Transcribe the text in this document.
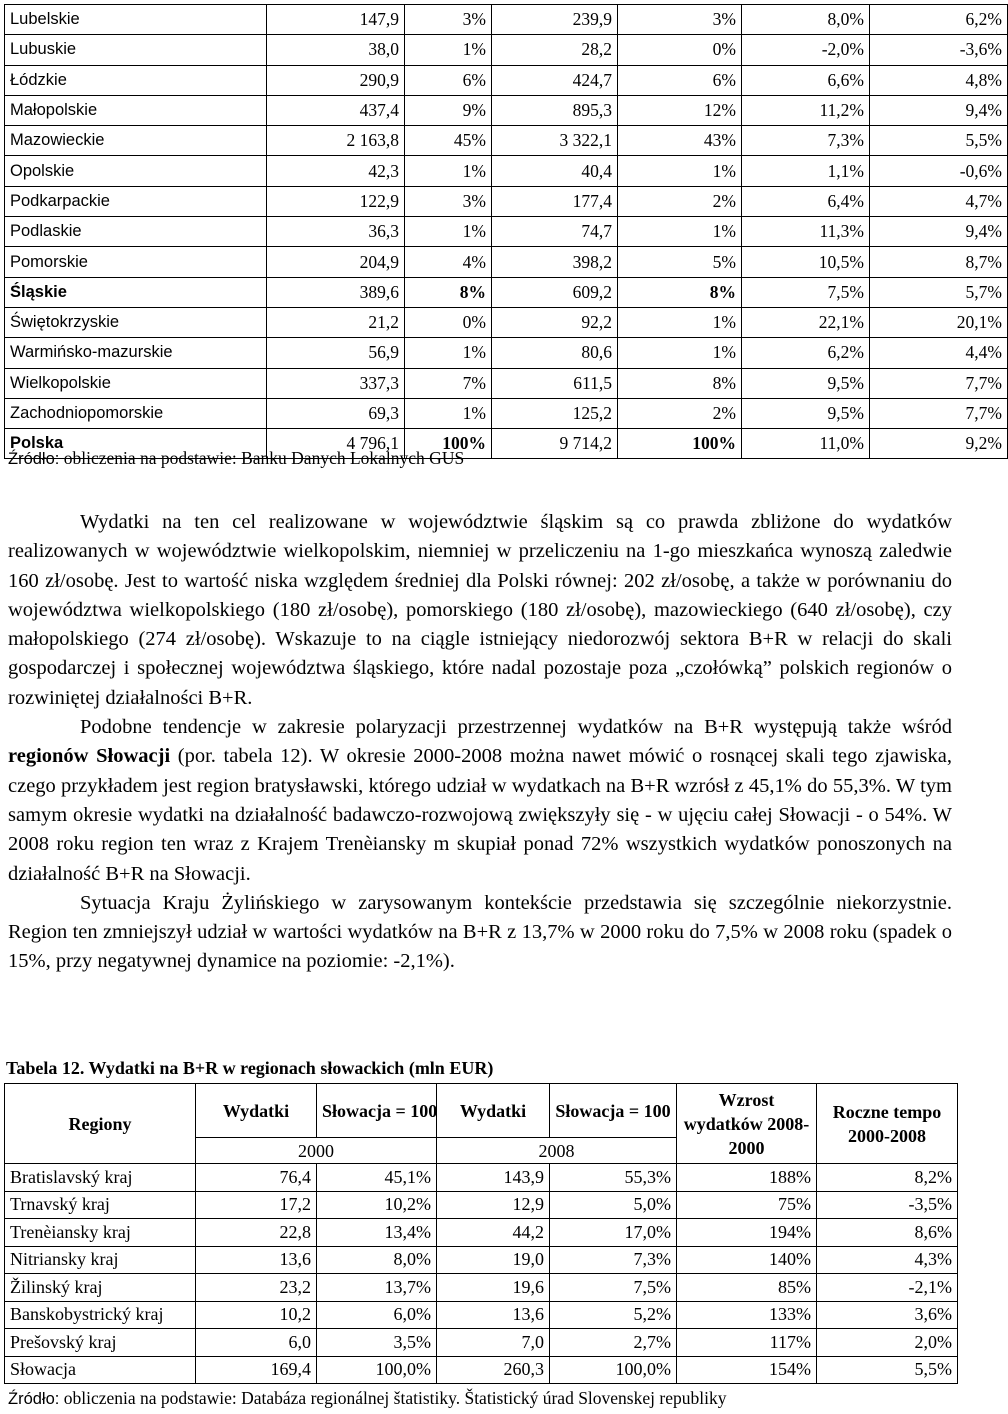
Lubelskie	147,9	3%	239,9	3%	8,0%	6,2%
Lubuskie	38,0	1%	28,2	0%	-2,0%	-3,6%
Łódzkie	290,9	6%	424,7	6%	6,6%	4,8%
Małopolskie	437,4	9%	895,3	12%	11,2%	9,4%
Mazowieckie	2 163,8	45%	3 322,1	43%	7,3%	5,5%
Opolskie	42,3	1%	40,4	1%	1,1%	-0,6%
Podkarpackie	122,9	3%	177,4	2%	6,4%	4,7%
Podlaskie	36,3	1%	74,7	1%	11,3%	9,4%
Pomorskie	204,9	4%	398,2	5%	10,5%	8,7%
Śląskie	389,6	8%	609,2	8%	7,5%	5,7%
Świętokrzyskie	21,2	0%	92,2	1%	22,1%	20,1%
Warmińsko-mazurskie	56,9	1%	80,6	1%	6,2%	4,4%
Wielkopolskie	337,3	7%	611,5	8%	9,5%	7,7%
Zachodniopomorskie	69,3	1%	125,2	2%	9,5%	7,7%
Polska	4 796,1	100%	9 714,2	100%	11,0%	9,2%
Źródło: obliczenia na podstawie: Banku Danych Lokalnych GUS

Wydatki na ten cel realizowane w województwie śląskim są co prawda zbliżone do wydatków realizowanych w województwie wielkopolskim, niemniej w przeliczeniu na 1-go mieszkańca wynoszą zaledwie 160 zł/osobę. Jest to wartość niska względem średniej dla Polski równej: 202 zł/osobę, a także w porównaniu do województwa wielkopolskiego (180 zł/osobę), pomorskiego (180 zł/osobę), mazowieckiego (640 zł/osobę), czy małopolskiego (274 zł/osobę). Wskazuje to na ciągle istniejący niedorozwój sektora B+R w relacji do skali gospodarczej i społecznej województwa śląskiego, które nadal pozostaje poza „czołówką” polskich regionów o rozwiniętej działalności B+R.

Podobne tendencje w zakresie polaryzacji przestrzennej wydatków na B+R występują także wśród regionów Słowacji (por. tabela 12). W okresie 2000-2008 można nawet mówić o rosnącej skali tego zjawiska, czego przykładem jest region bratysławski, którego udział w wydatkach na B+R wzrósł z 45,1% do 55,3%. W tym samym okresie wydatki na działalność badawczo-rozwojową zwiększyły się - w ujęciu całej Słowacji - o 54%. W 2008 roku region ten wraz z Krajem Trenèiansky m skupiał ponad 72% wszystkich wydatków ponoszonych na działalność B+R na Słowacji.

Sytuacja Kraju Żylińskiego w zarysowanym kontekście przedstawia się szczególnie niekorzystnie. Region ten zmniejszył udział w wartości wydatków na B+R z 13,7% w 2000 roku do 7,5% w 2008 roku (spadek o 15%, przy negatywnej dynamice na poziomie: -2,1%).

Tabela 12. Wydatki na B+R w regionach słowackich (mln EUR)
Regiony	Wydatki	Słowacja = 100	Wydatki	Słowacja = 100	Wzrost wydatków 2008-2000	Roczne tempo 2000-2008
	2000		2008			
Bratislavský kraj	76,4	45,1%	143,9	55,3%	188%	8,2%
Trnavský kraj	17,2	10,2%	12,9	5,0%	75%	-3,5%
Trenèiansky kraj	22,8	13,4%	44,2	17,0%	194%	8,6%
Nitriansky kraj	13,6	8,0%	19,0	7,3%	140%	4,3%
Žilinský kraj	23,2	13,7%	19,6	7,5%	85%	-2,1%
Banskobystrický kraj	10,2	6,0%	13,6	5,2%	133%	3,6%
Prešovský kraj	6,0	3,5%	7,0	2,7%	117%	2,0%
Słowacja	169,4	100,0%	260,3	100,0%	154%	5,5%
Źródło: obliczenia na podstawie: Databáza regionálnej štatistiky. Štatistický úrad Slovenskej republiky
